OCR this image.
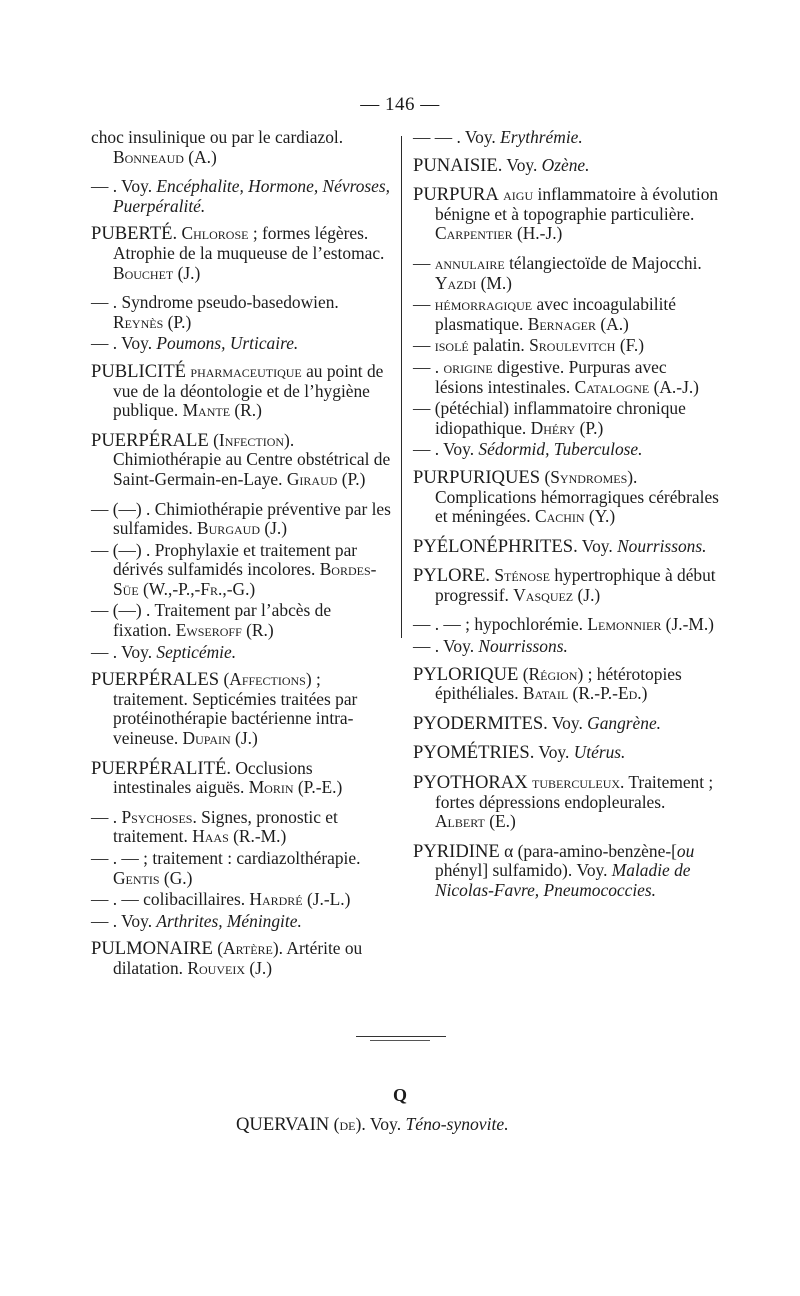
— 146 —

choc insulinique ou par le cardiazol. Bonneaud (A.)

— . Voy. Encéphalite, Hormone, Névroses, Puerpéralité.

PUBERTÉ. Chlorose ; formes légères. Atrophie de la muqueuse de l’estomac. Bouchet (J.)

— . Syndrome pseudo-basedowien. Reynès (P.)

— . Voy. Poumons, Urticaire.

PUBLICITÉ pharmaceutique au point de vue de la déontologie et de l’hygiène publique. Mante (R.)

PUERPÉRALE (Infection). Chimiothérapie au Centre obstétrical de Saint-Germain-en-Laye. Giraud (P.)

— (—) . Chimiothérapie préventive par les sulfamides. Burgaud (J.)

— (—) . Prophylaxie et traitement par dérivés sulfamidés incolores. Bordes-Süe (W.,-P.,-Fr.,-G.)

— (—) . Traitement par l’abcès de fixation. Ewseroff (R.)

— . Voy. Septicémie.

PUERPÉRALES (Affections) ; traitement. Septicémies traitées par protéinothérapie bactérienne intra-veineuse. Dupain (J.)

PUERPÉRALITÉ. Occlusions intestinales aiguës. Morin (P.-E.)

— . Psychoses. Signes, pronostic et traitement. Haas (R.-M.)

— . — ; traitement : cardiazolthérapie. Gentis (G.)

— . — colibacillaires. Hardré (J.-L.)

— . Voy. Arthrites, Méningite.

PULMONAIRE (Artère). Artérite ou dilatation. Rouveix (J.)

— — . Voy. Erythrémie.

PUNAISIE. Voy. Ozène.

PURPURA aigu inflammatoire à évolution bénigne et à topographie particulière. Carpentier (H.-J.)

— annulaire télangiectoïde de Majocchi. Yazdi (M.)

— hémorragique avec incoagulabilité plasmatique. Bernager (A.)

— isolé palatin. Sroulevitch (F.)

— . origine digestive. Purpuras avec lésions intestinales. Catalogne (A.-J.)

— (pétéchial) inflammatoire chronique idiopathique. Dhéry (P.)

— . Voy. Sédormid, Tuberculose.

PURPURIQUES (Syndromes). Complications hémorragiques cérébrales et méningées. Cachin (Y.)

PYÉLONÉPHRITES. Voy. Nourrissons.

PYLORE. Sténose hypertrophique à début progressif. Vasquez (J.)

— . — ; hypochlorémie. Lemonnier (J.-M.)

— . Voy. Nourrissons.

PYLORIQUE (Région) ; hétérotopies épithéliales. Batail (R.-P.-Ed.)

PYODERMITES. Voy. Gangrène.

PYOMÉTRIES. Voy. Utérus.

PYOTHORAX tuberculeux. Traitement ; fortes dépressions endopleurales. Albert (E.)

PYRIDINE α (para-amino-benzène-[ou phényl] sulfamido). Voy. Maladie de Nicolas-Favre, Pneumococcies.

Q
QUERVAIN (de). Voy. Téno-synovite.
